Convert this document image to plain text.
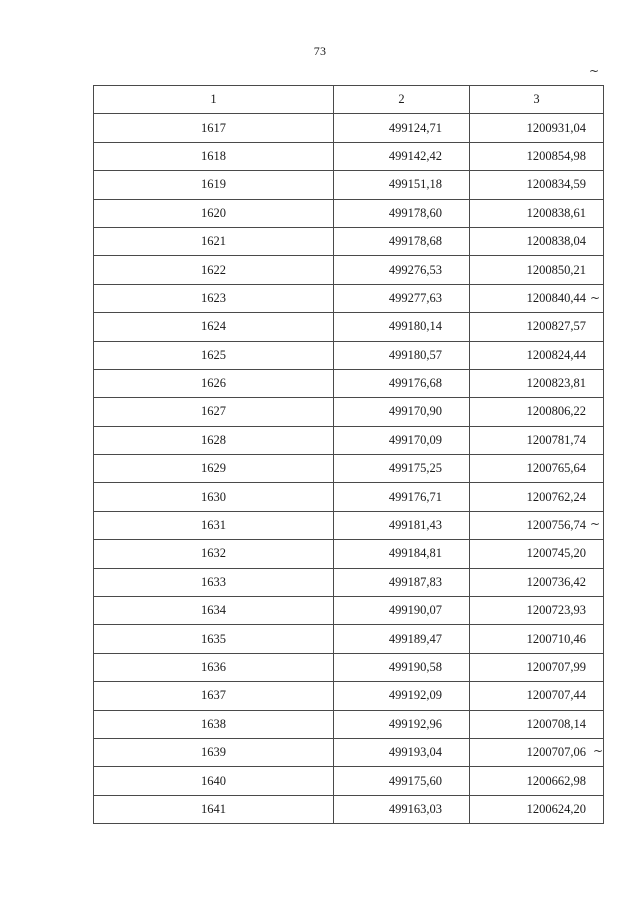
73
~
~
~
~
1	2	3
1617	499124,71	1200931,04
1618	499142,42	1200854,98
1619	499151,18	1200834,59
1620	499178,60	1200838,61
1621	499178,68	1200838,04
1622	499276,53	1200850,21
1623	499277,63	1200840,44
1624	499180,14	1200827,57
1625	499180,57	1200824,44
1626	499176,68	1200823,81
1627	499170,90	1200806,22
1628	499170,09	1200781,74
1629	499175,25	1200765,64
1630	499176,71	1200762,24
1631	499181,43	1200756,74
1632	499184,81	1200745,20
1633	499187,83	1200736,42
1634	499190,07	1200723,93
1635	499189,47	1200710,46
1636	499190,58	1200707,99
1637	499192,09	1200707,44
1638	499192,96	1200708,14
1639	499193,04	1200707,06
1640	499175,60	1200662,98
1641	499163,03	1200624,20
